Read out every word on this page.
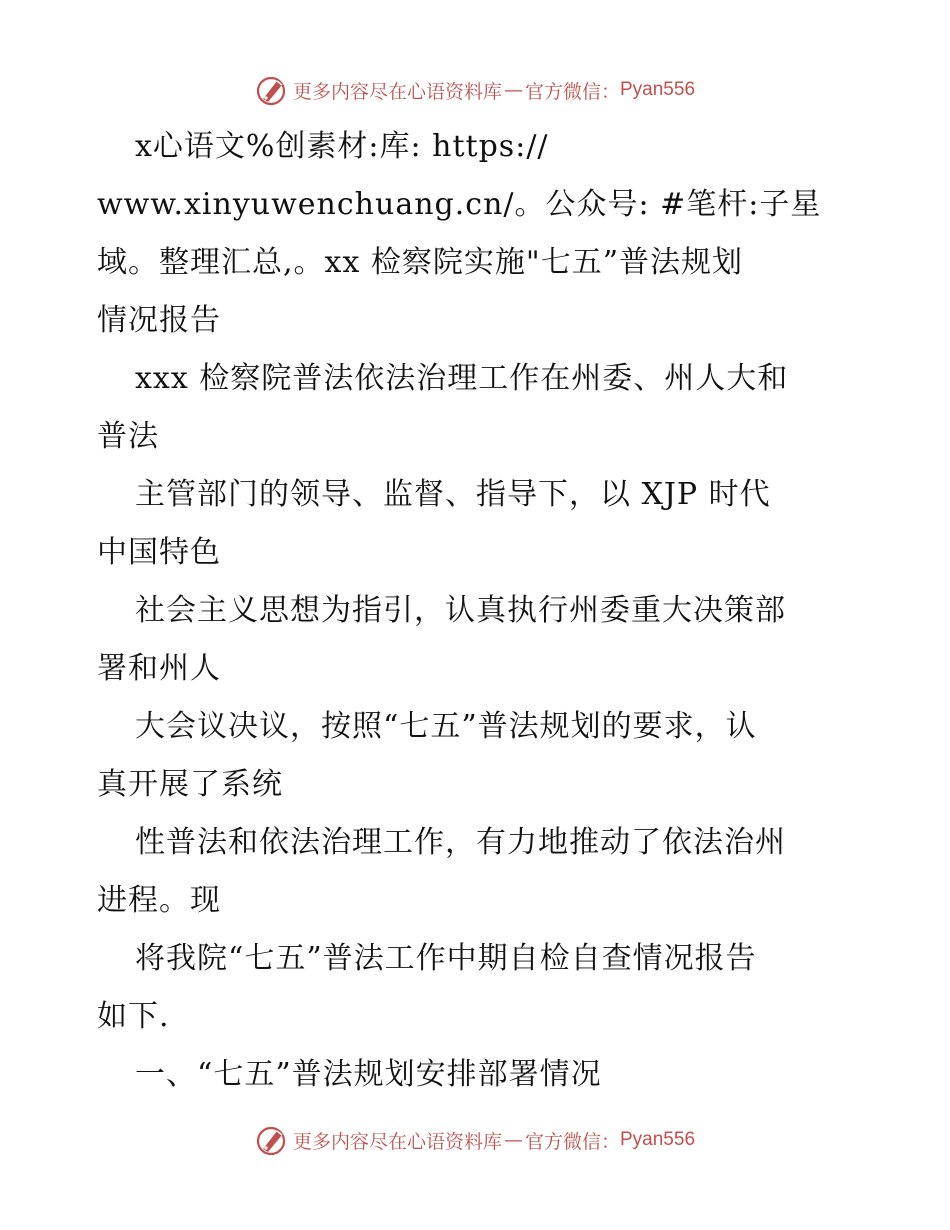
更多内容尽在心语资料库 — 官方微信： Pyan556
x心语文%创素材:库: https://
www.xinyuwenchuang.cn/。公众号: #笔杆:子星
域。整理汇总,。xx 检察院实施"七五”普法规划
情况报告
xxx 检察院普法依法治理工作在州委、州人大和
普法
主管部门的领导、监督、指导下，以 XJP 时代
中国特色
社会主义思想为指引，认真执行州委重大决策部
署和州人
大会议决议，按照“七五”普法规划的要求，认
真开展了系统
性普法和依法治理工作，有力地推动了依法治州
进程。现
将我院“七五”普法工作中期自检自查情况报告
如下.
一、“七五”普法规划安排部署情况
更多内容尽在心语资料库 — 官方微信： Pyan556
